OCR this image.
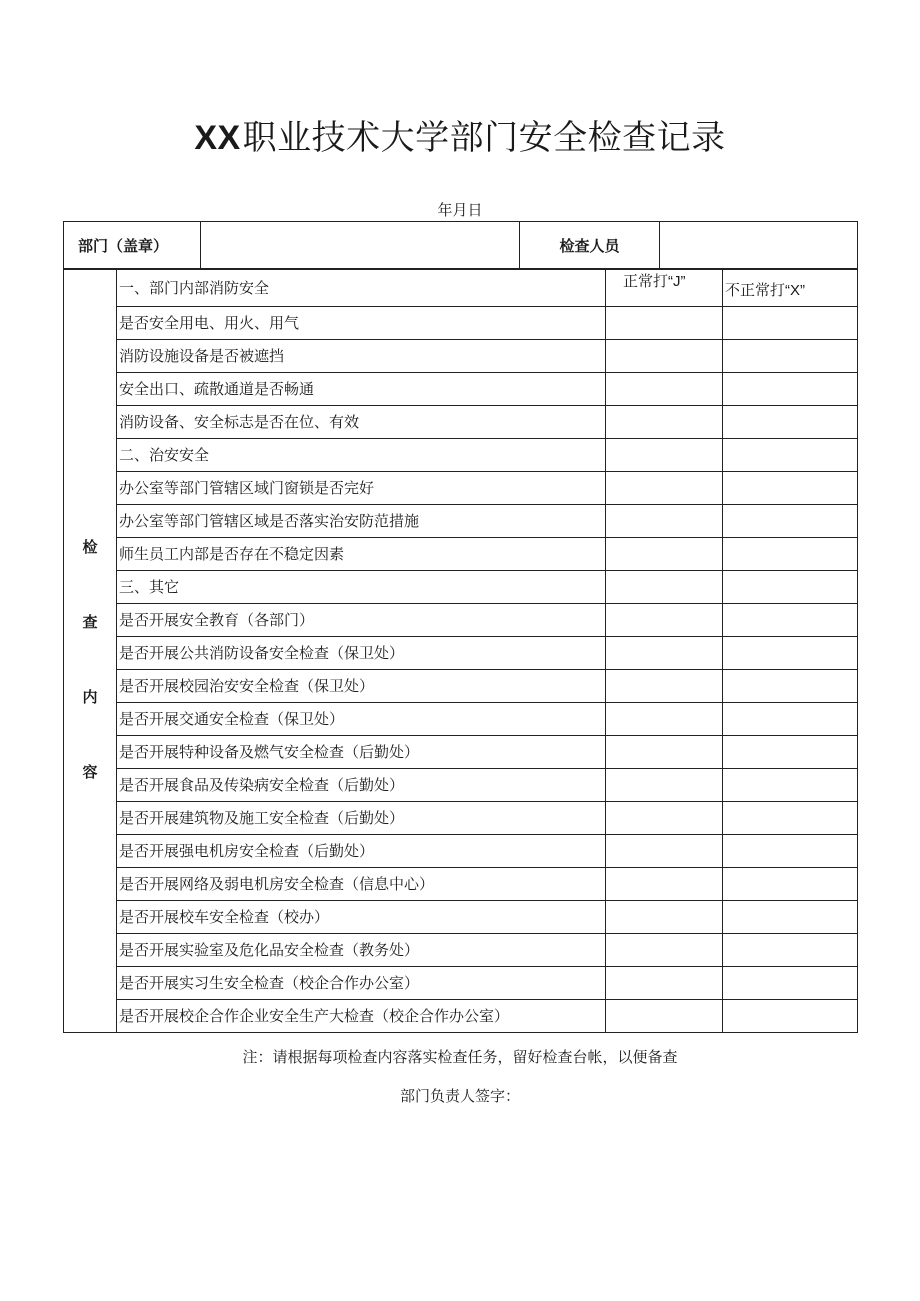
XX职业技术大学部门安全检查记录
年月日
部门（盖章）		检查人员	
检
查
内
容	一、部门内部消防安全	正常打“J”	不正常打“X”
	是否安全用电、用火、用气		
	消防设施设备是否被遮挡		
	安全出口、疏散通道是否畅通		
	消防设备、安全标志是否在位、有效		
	二、治安安全		
	办公室等部门管辖区域门窗锁是否完好		
	办公室等部门管辖区域是否落实治安防范措施		
	师生员工内部是否存在不稳定因素		
	三、其它		
	是否开展安全教育（各部门）		
	是否开展公共消防设备安全检查（保卫处）		
	是否开展校园治安安全检查（保卫处）		
	是否开展交通安全检查（保卫处）		
	是否开展特种设备及燃气安全检查（后勤处）		
	是否开展食品及传染病安全检查（后勤处）		
	是否开展建筑物及施工安全检查（后勤处）		
	是否开展强电机房安全检查（后勤处）		
	是否开展网络及弱电机房安全检查（信息中心）		
	是否开展校车安全检查（校办）		
	是否开展实验室及危化品安全检查（教务处）		
	是否开展实习生安全检查（校企合作办公室）		
	是否开展校企合作企业安全生产大检查（校企合作办公室）		
注：请根据每项检查内容落实检查任务，留好检查台帐，以便备查
部门负责人签字：
